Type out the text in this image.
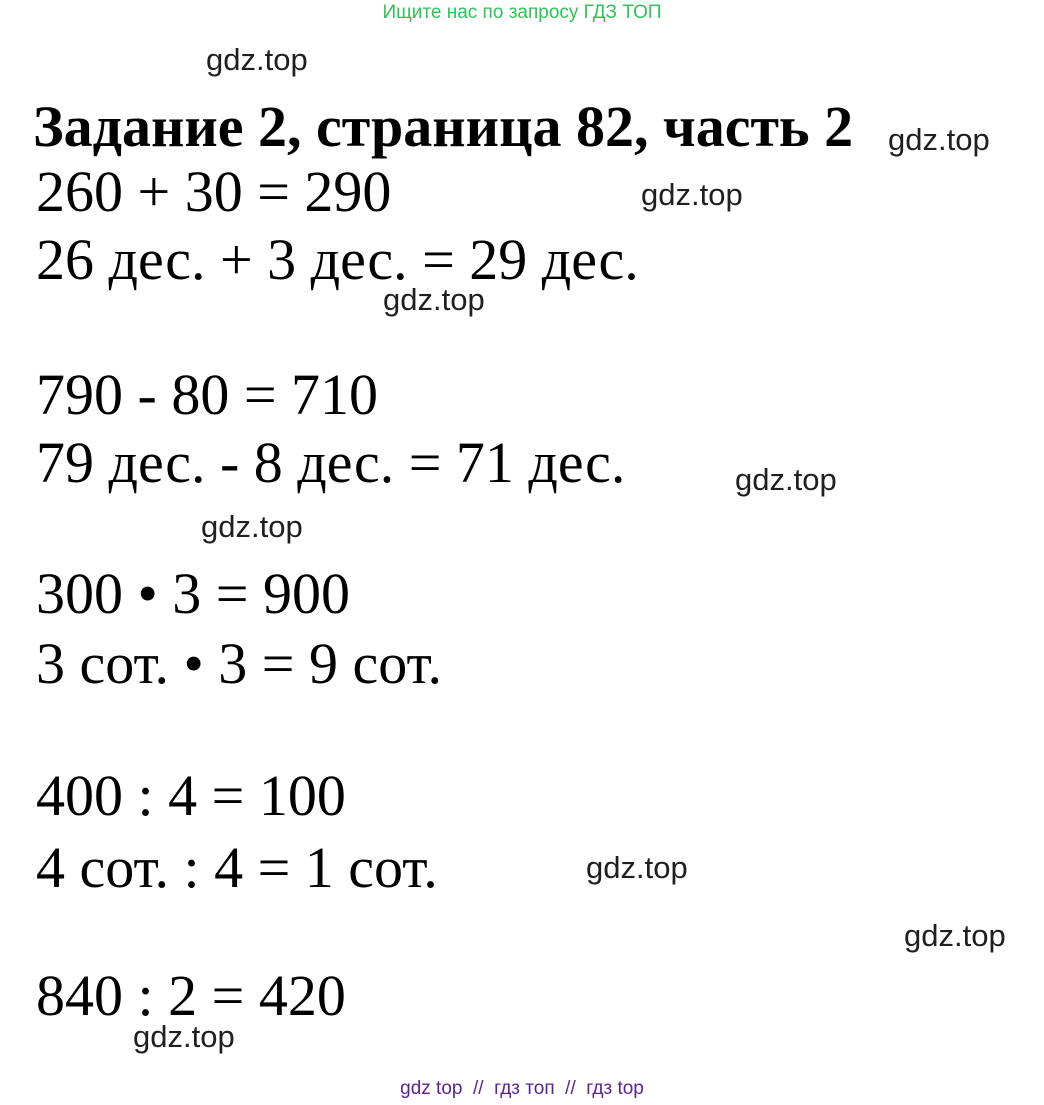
Ищите нас по запросу ГДЗ ТОП
gdz.top
gdz.top
gdz.top
gdz.top
gdz.top
gdz.top
gdz.top
gdz.top
gdz.top
Задание 2, страница 82, часть 2
260 + 30 = 290
26 дес. + 3 дес. = 29 дес.
790 - 80 = 710
79 дес. - 8 дес. = 71 дес.
300 • 3 = 900
3 сот. • 3 = 9 сот.
400 : 4 = 100
4 сот. : 4 = 1 сот.
840 : 2 = 420
gdz top  //  гдз топ  //  гдз top
